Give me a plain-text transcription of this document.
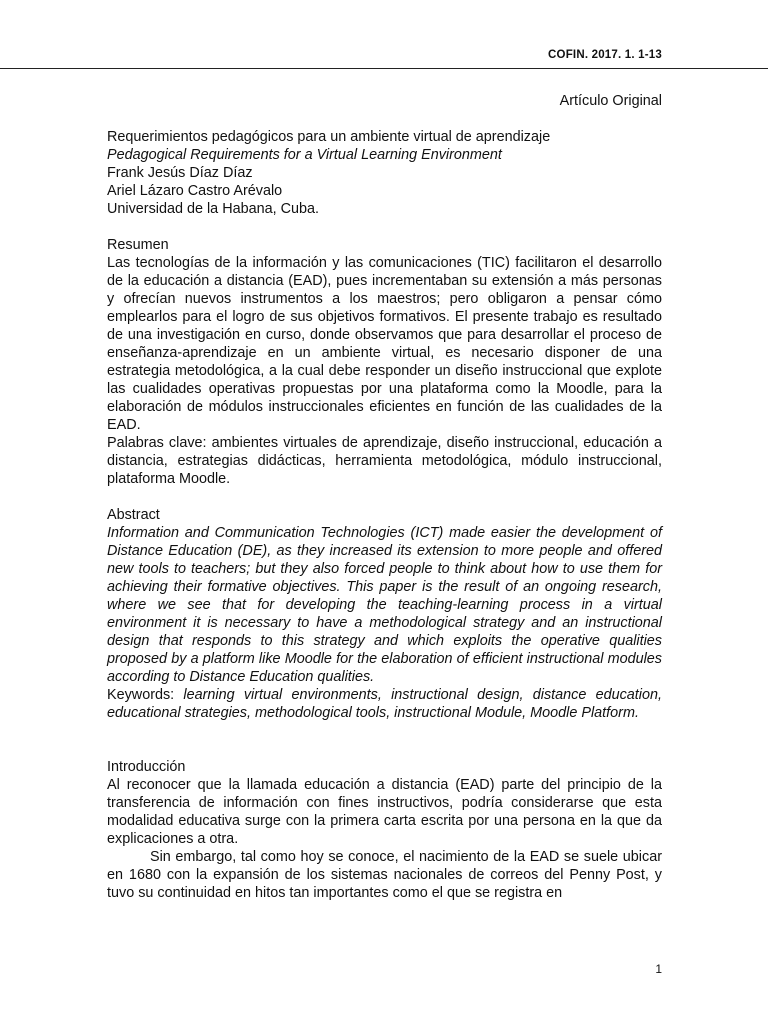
COFIN. 2017. 1. 1-13

Artículo Original

Requerimientos pedagógicos para un ambiente virtual de aprendizaje

Pedagogical Requirements for a Virtual Learning Environment

Frank Jesús Díaz Díaz

Ariel Lázaro Castro Arévalo

Universidad de la Habana, Cuba.

Resumen

Las tecnologías de la información y las comunicaciones (TIC) facilitaron el desarrollo de la educación a distancia (EAD), pues incrementaban su extensión a más personas y ofrecían nuevos instrumentos a los maestros; pero obligaron a pensar cómo emplearlos para el logro de sus objetivos formativos. El presente trabajo es resultado de una investigación en curso, donde observamos que para desarrollar el proceso de enseñanza-aprendizaje en un ambiente virtual, es necesario disponer de una estrategia metodológica, a la cual debe responder un diseño instruccional que explote las cualidades operativas propuestas por una plataforma como la Moodle, para la elaboración de módulos instruccionales eficientes en función de las cualidades de la EAD.

Palabras clave: ambientes virtuales de aprendizaje, diseño instruccional, educación a distancia, estrategias didácticas, herramienta metodológica, módulo instruccional, plataforma Moodle.

Abstract

Information and Communication Technologies (ICT) made easier the development of Distance Education (DE), as they increased its extension to more people and offered new tools to teachers; but they also forced people to think about how to use them for achieving their formative objectives. This paper is the result of an ongoing research, where we see that for developing the teaching-learning process in a virtual environment it is necessary to have a methodological strategy and an instructional design that responds to this strategy and which exploits the operative qualities proposed by a platform like Moodle for the elaboration of efficient instructional modules according to Distance Education qualities.

Keywords: learning virtual environments, instructional design, distance education, educational strategies, methodological tools, instructional Module, Moodle Platform.

Introducción

Al reconocer que la llamada educación a distancia (EAD) parte del principio de la transferencia de información con fines instructivos, podría considerarse que esta modalidad educativa surge con la primera carta escrita por una persona en la que da explicaciones a otra.

Sin embargo, tal como hoy se conoce, el nacimiento de la EAD se suele ubicar en 1680 con la expansión de los sistemas nacionales de correos del Penny Post, y tuvo su continuidad en hitos tan importantes como el que se registra en

1
